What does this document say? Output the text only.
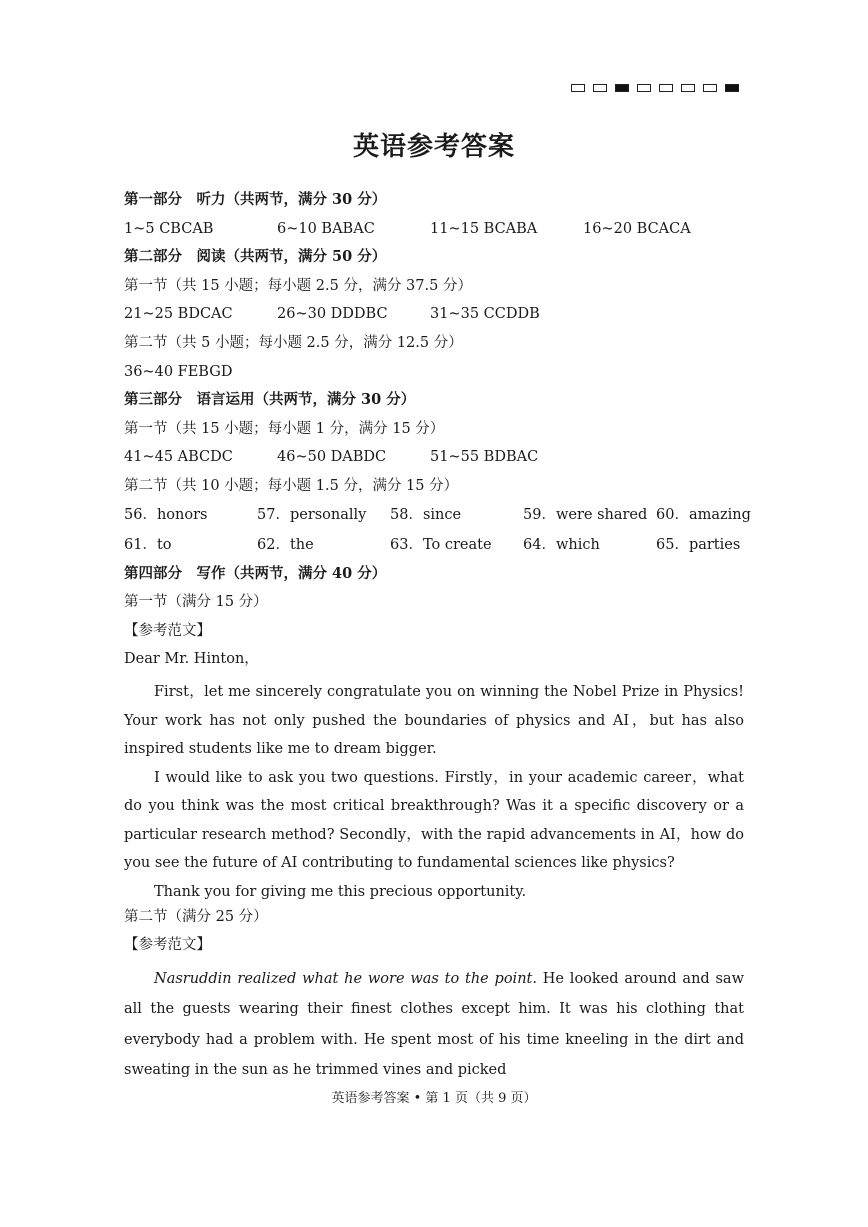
英语参考答案
第一部分　听力（共两节，满分 30 分）
1~5 CBCAB	6~10 BABAC	11~15 BCABA	16~20 BCACA
第二部分　阅读（共两节，满分 50 分）
第一节（共 15 小题；每小题 2.5 分，满分 37.5 分）
21~25 BDCAC	26~30 DDDBC	31~35 CCDDB
第二节（共 5 小题；每小题 2.5 分，满分 12.5 分）
36~40 FEBGD
第三部分　语言运用（共两节，满分 30 分）
第一节（共 15 小题；每小题 1 分，满分 15 分）
41~45 ABCDC	46~50 DABDC	51~55 BDBAC
第二节（共 10 小题；每小题 1.5 分，满分 15 分）
56．honors	57．personally 58．since	59．were shared 60．amazing
61．to	62．the	63．To create 64．which	65．parties
第四部分　写作（共两节，满分 40 分）
第一节（满分 15 分）
【参考范文】
Dear Mr. Hinton，
First，let me sincerely congratulate you on winning the Nobel Prize in Physics! Your work has not only pushed the boundaries of physics and AI，but has also inspired students like me to dream bigger.
I would like to ask you two questions. Firstly，in your academic career，what do you think was the most critical breakthrough? Was it a specific discovery or a particular research method? Secondly，with the rapid advancements in AI，how do you see the future of AI contributing to fundamental sciences like physics?
Thank you for giving me this precious opportunity.
第二节（满分 25 分）
【参考范文】
Nasruddin realized what he wore was to the point. He looked around and saw all the guests wearing their finest clothes except him. It was his clothing that everybody had a problem with. He spent most of his time kneeling in the dirt and sweating in the sun as he trimmed vines and picked
英语参考答案 • 第 1 页（共 9 页）
